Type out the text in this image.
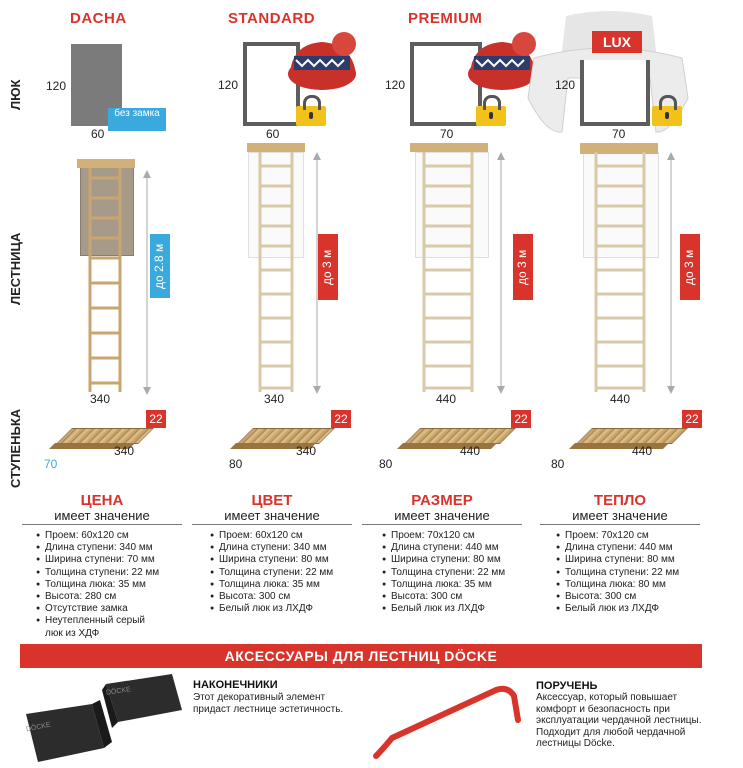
DACHA	STANDARD	PREMIUM
ЛЮК
ЛЕСТНИЦА
СТУПЕНЬКА
120
60
без замка
120
60
120
70
LUX
120
70
340
до 2.8 м
340
до 3 м
440
до 3 м
440
до 3 м
22
340
70
22
340
80
22
440
80
22
440
80
ЦЕНА
имеет значение
● Проем: 60x120 см
● Длина ступени: 340 мм
● Ширина ступени: 70 мм
● Толщина ступени: 22 мм
● Толщина люка: 35 мм
● Высота: 280 см
● Отсутствие замка
● Неутепленный серый люк из ХДФ
ЦВЕТ
имеет значение
● Проем: 60x120 см
● Длина ступени: 340 мм
● Ширина ступени: 80 мм
● Толщина ступени: 22 мм
● Толщина люка: 35 мм
● Высота: 300 см
● Белый люк из ЛХДФ
РАЗМЕР
имеет значение
● Проем: 70x120 см
● Длина ступени: 440 мм
● Ширина ступени: 80 мм
● Толщина ступени: 22 мм
● Толщина люка: 35 мм
● Высота: 300 см
● Белый люк из ЛХДФ
ТЕПЛО
имеет значение
● Проем: 70x120 см
● Длина ступени: 440 мм
● Ширина ступени: 80 мм
● Толщина ступени: 22 мм
● Толщина люка: 80 мм
● Высота: 300 см
● Белый люк из ЛХДФ
АКСЕССУАРЫ ДЛЯ ЛЕСТНИЦ DÖCKE
DÖCKE
DÖCKE
НАКОНЕЧНИКИ
Этот декоративный элемент придаст лестнице эстетичность.
ПОРУЧЕНЬ
Аксессуар, который повышает комфорт и безопасность при эксплуатации чердачной лестницы. Подходит для любой чердачной лестницы Döcke.
